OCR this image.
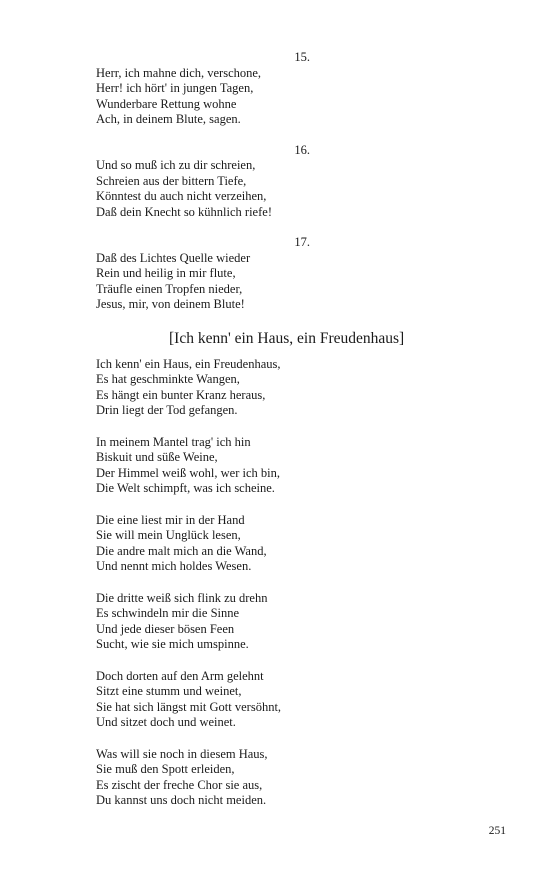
15.
Herr, ich mahne dich, verschone,
Herr! ich hört' in jungen Tagen,
Wunderbare Rettung wohne
Ach, in deinem Blute, sagen.
16.
Und so muß ich zu dir schreien,
Schreien aus der bittern Tiefe,
Könntest du auch nicht verzeihen,
Daß dein Knecht so kühnlich riefe!
17.
Daß des Lichtes Quelle wieder
Rein und heilig in mir flute,
Träufle einen Tropfen nieder,
Jesus, mir, von deinem Blute!
[Ich kenn' ein Haus, ein Freudenhaus]
Ich kenn' ein Haus, ein Freudenhaus,
Es hat geschminkte Wangen,
Es hängt ein bunter Kranz heraus,
Drin liegt der Tod gefangen.
In meinem Mantel trag' ich hin
Biskuit und süße Weine,
Der Himmel weiß wohl, wer ich bin,
Die Welt schimpft, was ich scheine.
Die eine liest mir in der Hand
Sie will mein Unglück lesen,
Die andre malt mich an die Wand,
Und nennt mich holdes Wesen.
Die dritte weiß sich flink zu drehn
Es schwindeln mir die Sinne
Und jede dieser bösen Feen
Sucht, wie sie mich umspinne.
Doch dorten auf den Arm gelehnt
Sitzt eine stumm und weinet,
Sie hat sich längst mit Gott versöhnt,
Und sitzet doch und weinet.
Was will sie noch in diesem Haus,
Sie muß den Spott erleiden,
Es zischt der freche Chor sie aus,
Du kannst uns doch nicht meiden.
251
